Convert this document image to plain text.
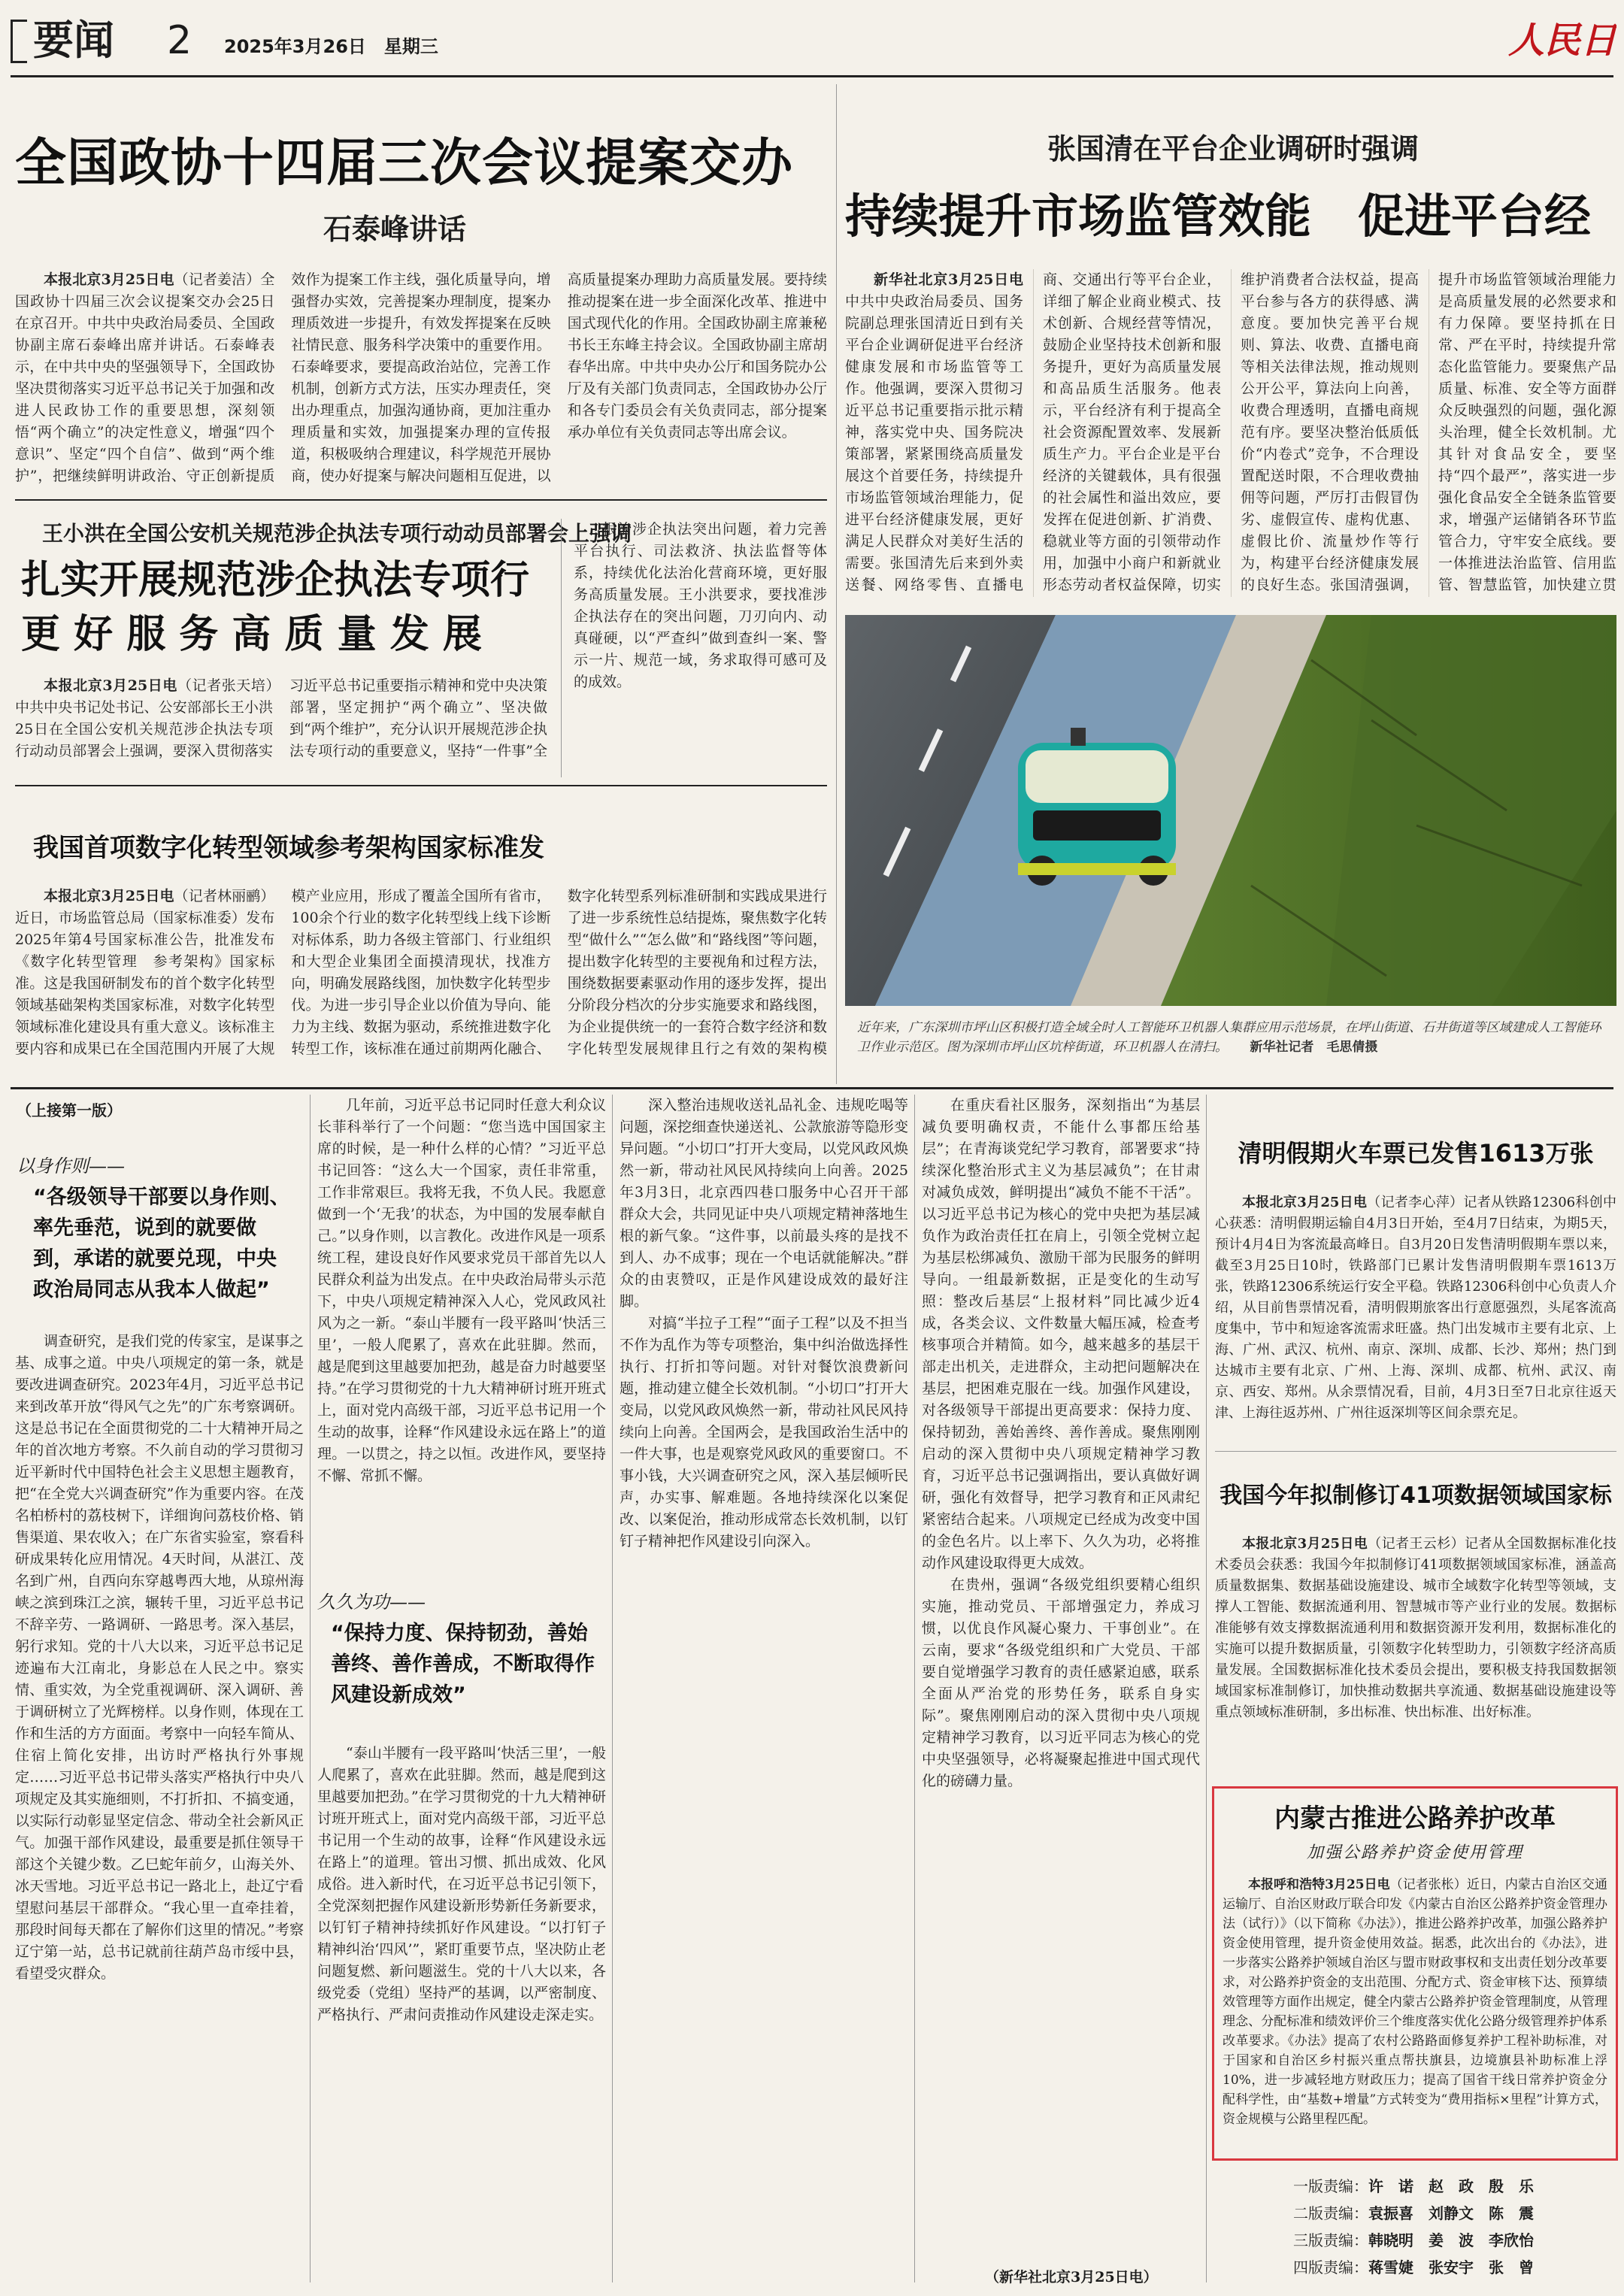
要闻	2	2025年3月26日　星期三	人民日
全国政协十四届三次会议提案交办
石泰峰讲话

本报北京3月25日电（记者姜洁）全国政协十四届三次会议提案交办会25日在京召开。中共中央政治局委员、全国政协副主席石泰峰出席并讲话。石泰峰表示，在中共中央的坚强领导下，全国政协坚决贯彻落实习近平总书记关于加强和改进人民政协工作的重要思想，深刻领悟“两个确立”的决定性意义，增强“四个意识”、坚定“四个自信”、做到“两个维护”，把继续鲜明讲政治、守正创新提质效作为提案工作主线，强化质量导向，增强督办实效，完善提案办理制度，提案办理质效进一步提升，有效发挥提案在反映社情民意、服务科学决策中的重要作用。石泰峰要求，要提高政治站位，完善工作机制，创新方式方法，压实办理责任，突出办理重点，加强沟通协商，更加注重办理质量和实效，加强提案办理的宣传报道，积极吸纳合理建议，科学规范开展协商，使办好提案与解决问题相互促进，以高质量提案办理助力高质量发展。要持续推动提案在进一步全面深化改革、推进中国式现代化的作用。全国政协副主席兼秘书长王东峰主持会议。全国政协副主席胡春华出席。中共中央办公厅和国务院办公厅及有关部门负责同志，全国政协办公厅和各专门委员会有关负责同志，部分提案承办单位有关负责同志等出席会议。

张国清在平台企业调研时强调
持续提升市场监管效能　促进平台经

新华社北京3月25日电中共中央政治局委员、国务院副总理张国清近日到有关平台企业调研促进平台经济健康发展和市场监管等工作。他强调，要深入贯彻习近平总书记重要指示批示精神，落实党中央、国务院决策部署，紧紧围绕高质量发展这个首要任务，持续提升市场监管领域治理能力，促进平台经济健康发展，更好满足人民群众对美好生活的需要。张国清先后来到外卖送餐、网络零售、直播电商、交通出行等平台企业，详细了解企业商业模式、技术创新、合规经营等情况，鼓励企业坚持技术创新和服务提升，更好为高质量发展和高品质生活服务。他表示，平台经济有利于提高全社会资源配置效率、发展新质生产力。平台企业是平台经济的关键载体，具有很强的社会属性和溢出效应，要发挥在促进创新、扩消费、稳就业等方面的引领带动作用，加强中小商户和新就业形态劳动者权益保障，切实维护消费者合法权益，提高平台参与各方的获得感、满意度。要加快完善平台规则、算法、收费、直播电商等相关法律法规，推动规则公开公平，算法向上向善，收费合理透明，直播电商规范有序。要坚决整治低质低价“内卷式”竞争，不合理设置配送时限，不合理收费抽佣等问题，严厉打击假冒伪劣、虚假宣传、虚构优惠、虚假比价、流量炒作等行为，构建平台经济健康发展的良好生态。张国清强调，提升市场监管领域治理能力是高质量发展的必然要求和有力保障。要坚持抓在日常、严在平时，持续提升常态化监管能力。要聚焦产品质量、标准、安全等方面群众反映强烈的问题，强化源头治理，健全长效机制。尤其针对食品安全，要坚持“四个最严”，落实进一步强化食品安全全链条监管要求，增强产运储销各环节监管合力，守牢安全底线。要一体推进法治监管、信用监管、智慧监管，加快建立贯

王小洪在全国公安机关规范涉企执法专项行动动员部署会上强调
扎实开展规范涉企执法专项行
更 好 服 务 高 质 量 发 展

本报北京3月25日电（记者张天培）中共中央书记处书记、公安部部长王小洪25日在全国公安机关规范涉企执法专项行动动员部署会上强调，要深入贯彻落实习近平总书记重要指示精神和党中央决策部署，坚定拥护“两个确立”、坚决做到“两个维护”，充分认识开展规范涉企执法专项行动的重要意义，坚持“一件事”全

根治涉企执法突出问题，着力完善平台执行、司法救济、执法监督等体系，持续优化法治化营商环境，更好服务高质量发展。王小洪要求，要找准涉企执法存在的突出问题，刀刃向内、动真碰硬，以“严查纠”做到查纠一案、警示一片、规范一域，务求取得可感可及的成效。

我国首项数字化转型领域参考架构国家标准发

本报北京3月25日电（记者林丽鹂）近日，市场监管总局（国家标准委）发布2025年第4号国家标准公告，批准发布《数字化转型管理　参考架构》国家标准。这是我国研制发布的首个数字化转型领域基础架构类国家标准，对数字化转型领域标准化建设具有重大意义。该标准主要内容和成果已在全国范围内开展了大规模产业应用，形成了覆盖全国所有省市，100余个行业的数字化转型线上线下诊断对标体系，助力各级主管部门、行业组织和大型企业集团全面摸清现状，找准方向，明确发展路线图，加快数字化转型步伐。为进一步引导企业以价值为导向、能力为主线、数据为驱动，系统推进数字化转型工作，该标准在通过前期两化融合、数字化转型系列标准研制和实践成果进行了进一步系统性总结提炼，聚焦数字化转型“做什么”“怎么做”和“路线图”等问题，提出数字化转型的主要视角和过程方法，围绕数据要素驱动作用的逐步发挥，提出分阶段分档次的分步实施要求和路线图，为企业提供统一的一套符合数字经济和数字化转型发展规律且行之有效的架构模

近年来，广东深圳市坪山区积极打造全域全时人工智能环卫机器人集群应用示范场景，在坪山街道、石井街道等区域建成人工智能环卫作业示范区。图为深圳市坪山区坑梓街道，环卫机器人在清扫。 新华社记者　毛思倩摄
（上接第一版）
以身作则——
“各级领导干部要以身作则、率先垂范，说到的就要做到，承诺的就要兑现，中央政治局同志从我本人做起”

调查研究，是我们党的传家宝，是谋事之基、成事之道。中央八项规定的第一条，就是要改进调查研究。2023年4月，习近平总书记来到改革开放“得风气之先”的广东考察调研。这是总书记在全面贯彻党的二十大精神开局之年的首次地方考察。不久前自动的学习贯彻习近平新时代中国特色社会主义思想主题教育，把“在全党大兴调查研究”作为重要内容。在茂名柏桥村的荔枝树下，详细询问荔枝价格、销售渠道、果农收入；在广东省实验室，察看科研成果转化应用情况。4天时间，从湛江、茂名到广州，自西向东穿越粤西大地，从琼州海峡之滨到珠江之滨，辗转千里，习近平总书记不辞辛劳、一路调研、一路思考。深入基层，躬行求知。党的十八大以来，习近平总书记足迹遍布大江南北，身影总在人民之中。察实情、重实效，为全党重视调研、深入调研、善于调研树立了光辉榜样。以身作则，体现在工作和生活的方方面面。考察中一向轻车简从、住宿上简化安排，出访时严格执行外事规定……习近平总书记带头落实严格执行中央八项规定及其实施细则，不打折扣、不搞变通，以实际行动彰显坚定信念、带动全社会新风正气。加强干部作风建设，最重要是抓住领导干部这个关键少数。乙巳蛇年前夕，山海关外、冰天雪地。习近平总书记一路北上，赴辽宁看望慰问基层干部群众。“我心里一直牵挂着，那段时间每天都在了解你们这里的情况。”考察辽宁第一站，总书记就前往葫芦岛市绥中县，看望受灾群众。

几年前，习近平总书记同时任意大利众议长菲科举行了一个问题：“您当选中国国家主席的时候，是一种什么样的心情？”习近平总书记回答：“这么大一个国家，责任非常重，工作非常艰巨。我将无我，不负人民。我愿意做到一个‘无我’的状态，为中国的发展奉献自己。”以身作则，以言教化。改进作风是一项系统工程，建设良好作风要求党员干部首先以人民群众利益为出发点。在中央政治局带头示范下，中央八项规定精神深入人心，党风政风社风为之一新。“泰山半腰有一段平路叫‘快活三里’，一般人爬累了，喜欢在此驻脚。然而，越是爬到这里越要加把劲，越是奋力时越要坚持。”在学习贯彻党的十九大精神研讨班开班式上，面对党内高级干部，习近平总书记用一个生动的故事，诠释“作风建设永远在路上”的道理。一以贯之，持之以恒。改进作风，要坚持不懈、常抓不懈。

久久为功——
“保持力度、保持韧劲，善始善终、善作善成，不断取得作风建设新成效”

“泰山半腰有一段平路叫‘快活三里’，一般人爬累了，喜欢在此驻脚。然而，越是爬到这里越要加把劲。”在学习贯彻党的十九大精神研讨班开班式上，面对党内高级干部，习近平总书记用一个生动的故事，诠释“作风建设永远在路上”的道理。管出习惯、抓出成效、化风成俗。进入新时代，在习近平总书记引领下，全党深刻把握作风建设新形势新任务新要求，以钉钉子精神持续抓好作风建设。“以打钉子精神纠治‘四风’”，紧盯重要节点，坚决防止老问题复燃、新问题滋生。党的十八大以来，各级党委（党组）坚持严的基调，以严密制度、严格执行、严肃问责推动作风建设走深走实。

深入整治违规收送礼品礼金、违规吃喝等问题，深挖细查快递送礼、公款旅游等隐形变异问题。“小切口”打开大变局，以党风政风焕然一新，带动社风民风持续向上向善。2025年3月3日，北京西四巷口服务中心召开干部群众大会，共同见证中央八项规定精神落地生根的新气象。“这件事，以前最头疼的是找不到人、办不成事；现在一个电话就能解决。”群众的由衷赞叹，正是作风建设成效的最好注脚。

对搞“半拉子工程”“面子工程”以及不担当不作为乱作为等专项整治，集中纠治做选择性执行、打折扣等问题。对针对餐饮浪费新问题，推动建立健全长效机制。“小切口”打开大变局，以党风政风焕然一新，带动社风民风持续向上向善。全国两会，是我国政治生活中的一件大事，也是观察党风政风的重要窗口。不事小钱，大兴调查研究之风，深入基层倾听民声，办实事、解难题。各地持续深化以案促改、以案促治，推动形成常态长效机制，以钉钉子精神把作风建设引向深入。

在重庆看社区服务，深刻指出“为基层减负要明确权责，不能什么事都压给基层”；在青海谈党纪学习教育，部署要求“持续深化整治形式主义为基层减负”；在甘肃对减负成效，鲜明提出“减负不能不干活”。以习近平总书记为核心的党中央把为基层减负作为政治责任扛在肩上，引领全党树立起为基层松绑减负、激励干部为民服务的鲜明导向。一组最新数据，正是变化的生动写照：整改后基层“上报材料”同比减少近4成，各类会议、文件数量大幅压减，检查考核事项合并精简。如今，越来越多的基层干部走出机关，走进群众，主动把问题解决在基层，把困难克服在一线。加强作风建设，对各级领导干部提出更高要求：保持力度、保持韧劲，善始善终、善作善成。聚焦刚刚启动的深入贯彻中央八项规定精神学习教育，习近平总书记强调指出，要认真做好调研，强化有效督导，把学习教育和正风肃纪紧密结合起来。八项规定已经成为改变中国的金色名片。以上率下、久久为功，必将推动作风建设取得更大成效。

在贵州，强调“各级党组织要精心组织实施，推动党员、干部增强定力，养成习惯，以优良作风凝心聚力、干事创业”。在云南，要求“各级党组织和广大党员、干部要自觉增强学习教育的责任感紧迫感，联系全面从严治党的形势任务，联系自身实际”。聚焦刚刚启动的深入贯彻中央八项规定精神学习教育，以习近平同志为核心的党中央坚强领导，必将凝聚起推进中国式现代化的磅礴力量。

（新华社北京3月25日电）
清明假期火车票已发售1613万张

本报北京3月25日电（记者李心萍）记者从铁路12306科创中心获悉：清明假期运输自4月3日开始，至4月7日结束，为期5天，预计4月4日为客流最高峰日。自3月20日发售清明假期车票以来，截至3月25日10时，铁路部门已累计发售清明假期车票1613万张，铁路12306系统运行安全平稳。铁路12306科创中心负责人介绍，从目前售票情况看，清明假期旅客出行意愿强烈，头尾客流高度集中，节中和短途客流需求旺盛。热门出发城市主要有北京、上海、广州、武汉、杭州、南京、深圳、成都、长沙、郑州；热门到达城市主要有北京、广州、上海、深圳、成都、杭州、武汉、南京、西安、郑州。从余票情况看，目前，4月3日至7日北京往返天津、上海往返苏州、广州往返深圳等区间余票充足。

我国今年拟制修订41项数据领域国家标

本报北京3月25日电（记者王云杉）记者从全国数据标准化技术委员会获悉：我国今年拟制修订41项数据领域国家标准，涵盖高质量数据集、数据基础设施建设、城市全域数字化转型等领域，支撑人工智能、数据流通利用、智慧城市等产业行业的发展。数据标准能够有效支撑数据流通利用和数据资源开发利用，数据标准化的实施可以提升数据质量，引领数字化转型助力，引领数字经济高质量发展。全国数据标准化技术委员会提出，要积极支持我国数据领域国家标准制修订，加快推动数据共享流通、数据基础设施建设等重点领域标准研制，多出标准、快出标准、出好标准。

内蒙古推进公路养护改革
加强公路养护资金使用管理

本报呼和浩特3月25日电（记者张枨）近日，内蒙古自治区交通运输厅、自治区财政厅联合印发《内蒙古自治区公路养护资金管理办法（试行）》（以下简称《办法》），推进公路养护改革，加强公路养护资金使用管理，提升资金使用效益。据悉，此次出台的《办法》，进一步落实公路养护领域自治区与盟市财政事权和支出责任划分改革要求，对公路养护资金的支出范围、分配方式、资金审核下达、预算绩效管理等方面作出规定，健全内蒙古公路养护资金管理制度，从管理理念、分配标准和绩效评价三个维度落实优化公路分级管理养护体系改革要求。《办法》提高了农村公路路面修复养护工程补助标准，对于国家和自治区乡村振兴重点帮扶旗县，边境旗县补助标准上浮10%，进一步减轻地方财政压力；提高了国省干线日常养护资金分配科学性，由“基数+增量”方式转变为“费用指标×里程”计算方式，资金规模与公路里程匹配。

一版责编：许　诺　赵　政　殷　乐
二版责编：袁振喜　刘静文　陈　震
三版责编：韩晓明　姜　波　李欣怡
四版责编：蒋雪婕　张安宇　张　曾
